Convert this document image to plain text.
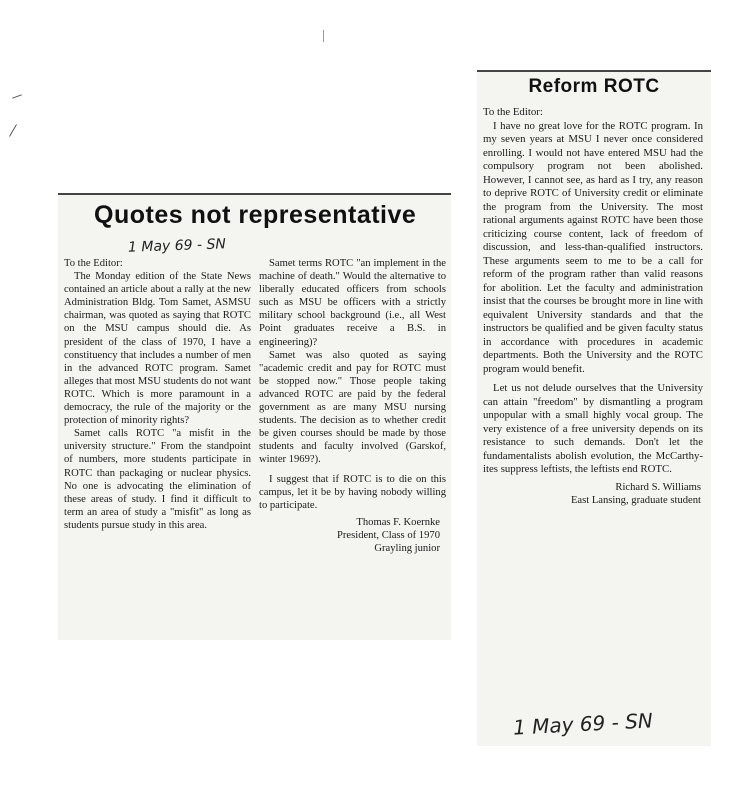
Quotes not representative
1 May 69 - SN

To the Editor:

The Monday edition of the State News contained an article about a rally at the new Administration Bldg. Tom Samet, ASMSU chairman, was quoted as saying that ROTC on the MSU campus should die. As president of the class of 1970, I have a constituency that includes a number of men in the advanced ROTC program. Samet alleges that most MSU students do not want ROTC. Which is more paramount in a democracy, the rule of the majority or the protection of minority rights?

Samet calls ROTC "a misfit in the university structure." From the standpoint of numbers, more students participate in ROTC than packaging or nuclear physics. No one is advocating the elimination of these areas of study. I find it difficult to term an area of study a "misfit" as long as students pursue study in this area.

Samet terms ROTC "an implement in the machine of death." Would the alternative to liberally educated officers from schools such as MSU be officers with a strictly military school background (i.e., all West Point graduates receive a B.S. in engineering)?

Samet was also quoted as saying "academic credit and pay for ROTC must be stopped now." Those people taking advanced ROTC are paid by the federal government as are many MSU nursing students. The decision as to whether credit be given courses should be made by those students and faculty involved (Garskof, winter 1969?).

I suggest that if ROTC is to die on this campus, let it be by having nobody willing to participate.

Thomas F. Koernke
President, Class of 1970
Grayling junior
Reform ROTC

To the Editor:

I have no great love for the ROTC program. In my seven years at MSU I never once considered enrolling. I would not have entered MSU had the compulsory program not been abolished. However, I cannot see, as hard as I try, any reason to deprive ROTC of University credit or eliminate the program from the University. The most rational arguments against ROTC have been those criticizing course content, lack of freedom of discussion, and less-than-qualified instructors. These arguments seem to me to be a call for reform of the program rather than valid reasons for abolition. Let the faculty and administration insist that the courses be brought more in line with equivalent University standards and that the instructors be qualified and be given faculty status in accordance with procedures in academic departments. Both the University and the ROTC program would benefit.

Let us not delude ourselves that the University can attain "freedom" by dismantling a program unpopular with a small highly vocal group. The very existence of a free university depends on its resistance to such demands. Don't let the fundamentalists abolish evolution, the McCarthy-ites suppress leftists, the leftists end ROTC.

Richard S. Williams
East Lansing, graduate student
1 May 69 - SN
